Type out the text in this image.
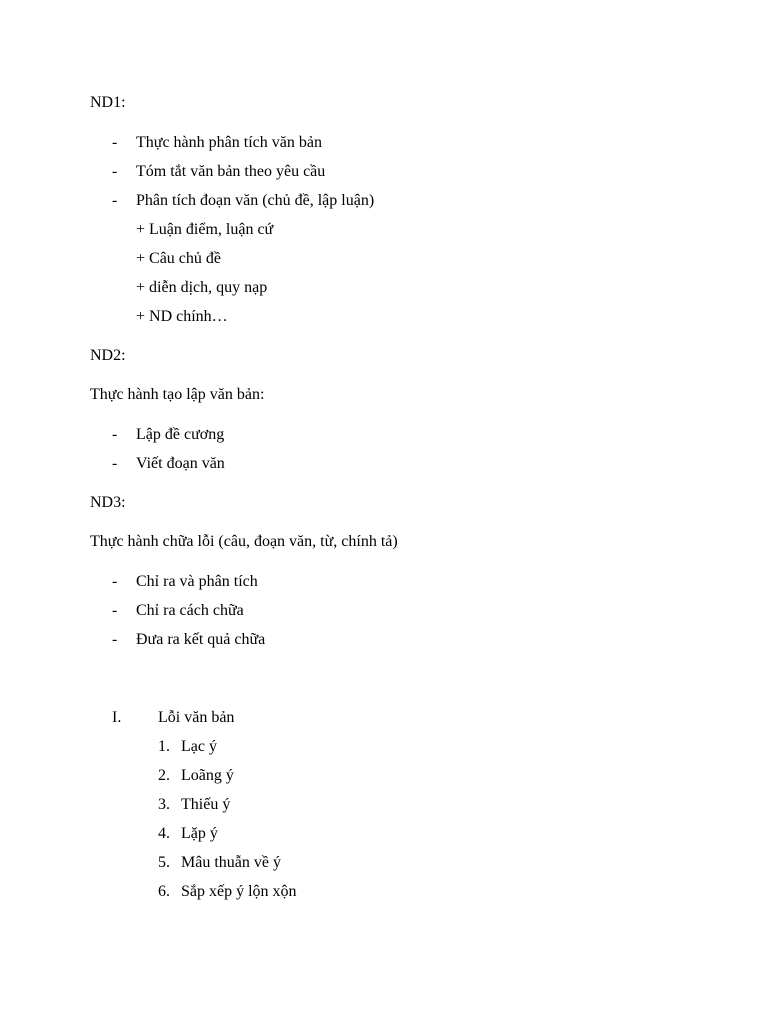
ND1:
- Thực hành phân tích văn bản
- Tóm tắt văn bản theo yêu cầu
- Phân tích đoạn văn (chủ đề, lập luận)
+ Luận điểm, luận cứ
+ Câu chủ đề
+ diễn dịch, quy nạp
+ ND chính…
ND2:
Thực hành tạo lập văn bản:
- Lập đề cương
- Viết đoạn văn
ND3:
Thực hành chữa lỗi (câu, đoạn văn, từ, chính tả)
- Chỉ ra và phân tích
- Chỉ ra cách chữa
- Đưa ra kết quả chữa
I. Lỗi văn bản
1. Lạc ý
2. Loãng ý
3. Thiếu ý
4. Lặp ý
5. Mâu thuẫn về ý
6. Sắp xếp ý lộn xộn
